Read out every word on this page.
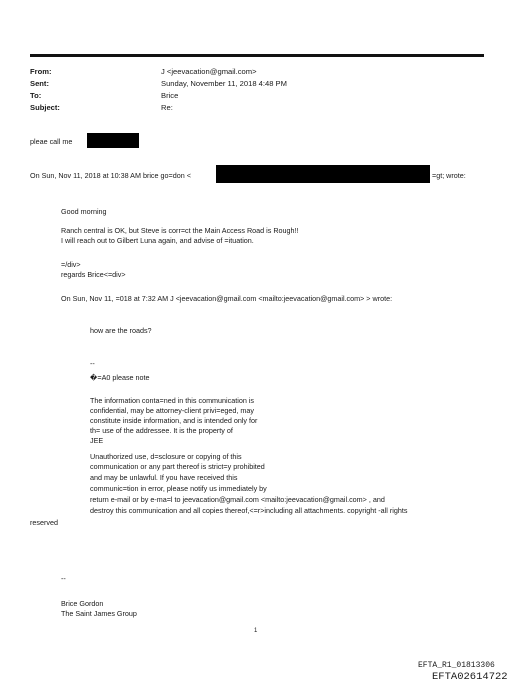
From:	J <jeevacation@gmail.com>
Sent:	Sunday, November 11, 2018 4:48 PM
To:	Brice
Subject:	Re:
pleae call me
On Sun, Nov 11, 2018 at 10:38 AM brice go=don <	=gt; wrote:
Good morning
Ranch central is OK, but Steve is corr=ct the Main Access Road is Rough!!
I will reach out to Gilbert Luna again, and advise of =ituation.
=/div>
regards Brice<=div>
On Sun, Nov 11, =018 at 7:32 AM J <jeevacation@gmail.com <mailto:jeevacation@gmail.com> > wrote:
how are the roads?
--
�=A0 please note
The information conta=ned in this communication is
confidential, may be attorney-client privi=eged, may
constitute inside information, and is intended only for
th= use of the addressee. It is the property of
JEE
Unauthorized use, d=sclosure or copying of this
communication or any part thereof is strict=y prohibited
and may be unlawful. If you have received this
communic=tion in error, please notify us immediately by
return e-mail or by e-ma=l to jeevacation@gmail.com <mailto:jeevacation@gmail.com> , and
destroy this communication and all copies thereof,<=r>including all attachments. copyright -all rights
reserved
--
Brice Gordon
The Saint James Group
1
EFTA_R1_01813306
EFTA02614722
